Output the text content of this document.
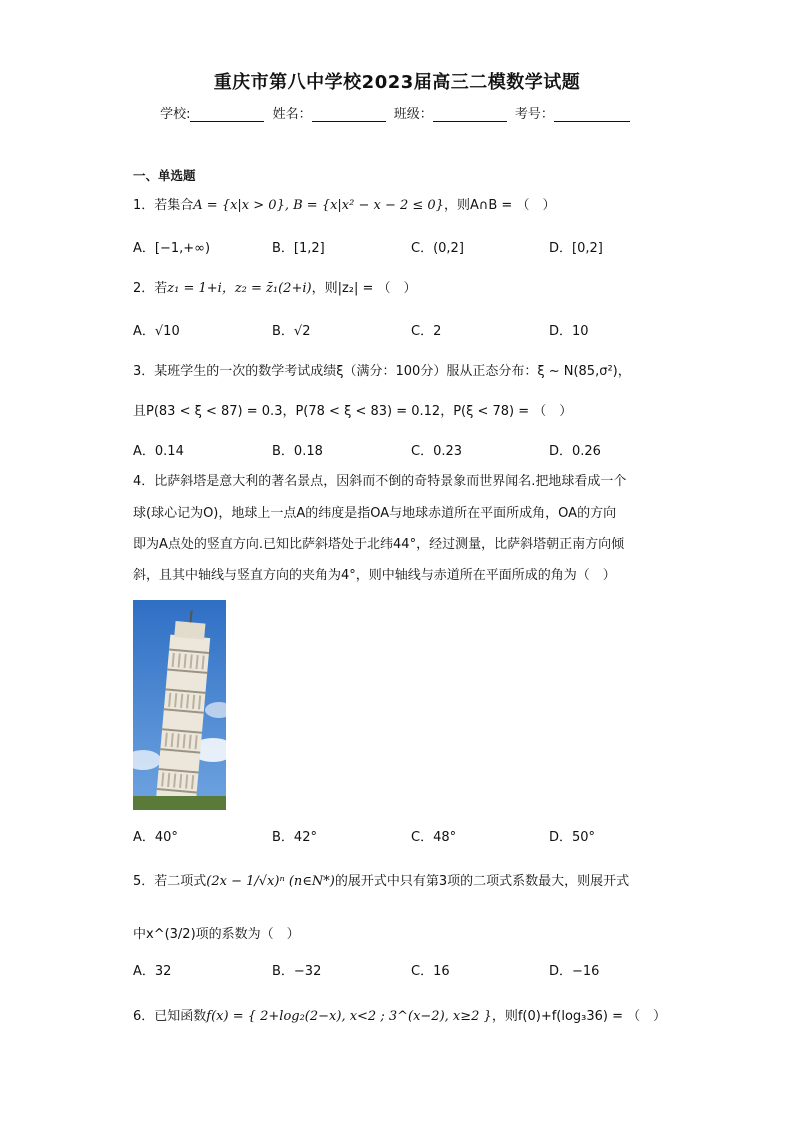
重庆市第八中学校2023届高三二模数学试题
学校:	姓名：	班级：	考号：
一、单选题
1．若集合A = {x|x > 0}, B = {x|x² − x − 2 ≤ 0}，则A∩B = （　）
A．[−1,+∞)	B．[1,2]	C．(0,2]	D．[0,2]
2．若z₁ = 1+i，z₂ = z̄₁(2+i)，则|z₂| = （　）
A．√10	B．√2	C．2	D．10
3．某班学生的一次的数学考试成绩ξ（满分：100分）服从正态分布：ξ ~ N(85,σ²)，
且P(83 < ξ < 87) = 0.3，P(78 < ξ < 83) = 0.12，P(ξ < 78) = （　）
A．0.14	B．0.18	C．0.23	D．0.26
4．比萨斜塔是意大利的著名景点，因斜而不倒的奇特景象而世界闻名.把地球看成一个
球(球心记为O)，地球上一点A的纬度是指OA与地球赤道所在平面所成角，OA的方向
即为A点处的竖直方向.已知比萨斜塔处于北纬44°，经过测量，比萨斜塔朝正南方向倾
斜，且其中轴线与竖直方向的夹角为4°，则中轴线与赤道所在平面所成的角为（　）
A．40°	B．42°	C．48°	D．50°
5．若二项式(2x − 1/√x)ⁿ (n∈N*)的展开式中只有第3项的二项式系数最大，则展开式
中x^(3/2)项的系数为（　）
A．32	B．−32	C．16	D．−16
6．已知函数f(x) = { 2+log₂(2−x), x<2 ; 3^(x−2), x≥2 }，则f(0)+f(log₃36) = （　）
